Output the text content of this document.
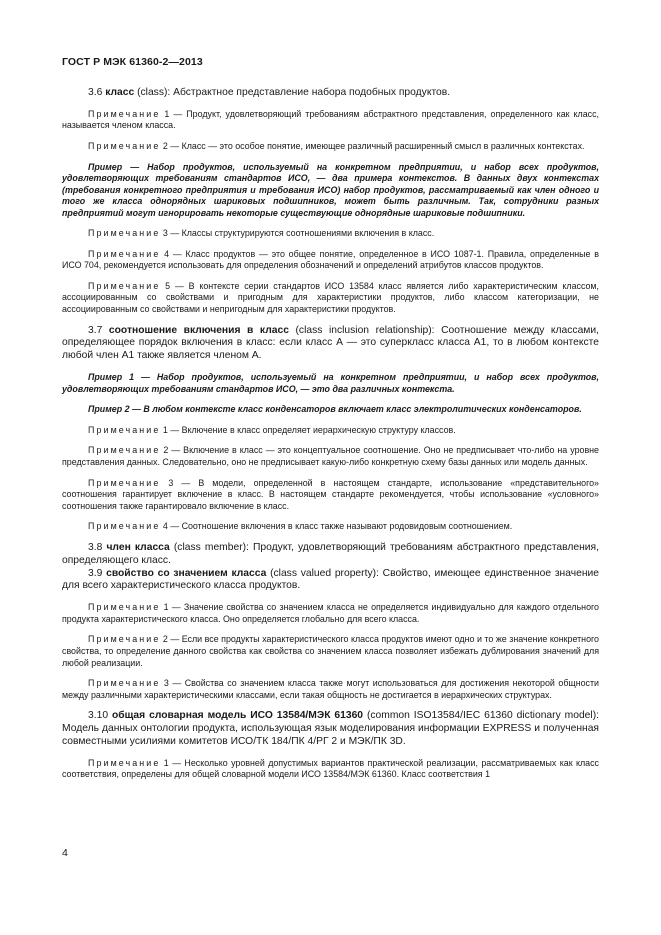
ГОСТ Р МЭК 61360-2—2013

3.6 класс (class): Абстрактное представление набора подобных продуктов.

Примечание 1 — Продукт, удовлетворяющий требованиям абстрактного представления, определенного как класс, называется членом класса.

Примечание 2 — Класс — это особое понятие, имеющее различный расширенный смысл в различных контекстах.

Пример — Набор продуктов, используемый на конкретном предприятии, и набор всех продуктов, удовлетворяющих требованиям стандартов ИСО, — два примера контекстов. В данных двух контекстах (требования конкретного предприятия и требования ИСО) набор продуктов, рассматриваемый как член одного и того же класса однорядных шариковых подшипников, может быть различным. Так, сотрудники разных предприятий могут игнорировать некоторые существующие однорядные шариковые подшипники.

Примечание 3 — Классы структурируются соотношениями включения в класс.

Примечание 4 — Класс продуктов — это общее понятие, определенное в ИСО 1087-1. Правила, определенные в ИСО 704, рекомендуется использовать для определения обозначений и определений атрибутов классов продуктов.

Примечание 5 — В контексте серии стандартов ИСО 13584 класс является либо характеристическим классом, ассоциированным со свойствами и пригодным для характеристики продуктов, либо классом категоризации, не ассоциированным со свойствами и непригодным для характеристики продуктов.

3.7 соотношение включения в класс (class inclusion relationship): Соотношение между классами, определяющее порядок включения в класс: если класс А — это суперкласс класса А1, то в любом контексте любой член А1 также является членом А.

Пример 1 — Набор продуктов, используемый на конкретном предприятии, и набор всех продуктов, удовлетворяющих требованиям стандартов ИСО, — это два различных контекста.

Пример 2 — В любом контексте класс конденсаторов включает класс электролитических конденсаторов.

Примечание 1 — Включение в класс определяет иерархическую структуру классов.

Примечание 2 — Включение в класс — это концептуальное соотношение. Оно не предписывает что-либо на уровне представления данных. Следовательно, оно не предписывает какую-либо конкретную схему базы данных или модель данных.

Примечание 3 — В модели, определенной в настоящем стандарте, использование «представительного» соотношения гарантирует включение в класс. В настоящем стандарте рекомендуется, чтобы использование «условного» соотношения также гарантировало включение в класс.

Примечание 4 — Соотношение включения в класс также называют родовидовым соотношением.

3.8 член класса (class member): Продукт, удовлетворяющий требованиям абстрактного представления, определяющего класс.

3.9 свойство со значением класса (class valued property): Свойство, имеющее единственное значение для всего характеристического класса продуктов.

Примечание 1 — Значение свойства со значением класса не определяется индивидуально для каждого отдельного продукта характеристического класса. Оно определяется глобально для всего класса.

Примечание 2 — Если все продукты характеристического класса продуктов имеют одно и то же значение конкретного свойства, то определение данного свойства как свойства со значением класса позволяет избежать дублирования значений для любой реализации.

Примечание 3 — Свойства со значением класса также могут использоваться для достижения некоторой общности между различными характеристическими классами, если такая общность не достигается в иерархических структурах.

3.10 общая словарная модель ИСО 13584/МЭК 61360 (common ISO13584/IEC 61360 dictionary model): Модель данных онтологии продукта, использующая язык моделирования информации EXPRESS и полученная совместными усилиями комитетов ИСО/ТК 184/ПК 4/РГ 2 и МЭК/ПК 3D.

Примечание 1 — Несколько уровней допустимых вариантов практической реализации, рассматриваемых как класс соответствия, определены для общей словарной модели ИСО 13584/МЭК 61360. Класс соответствия 1

4
